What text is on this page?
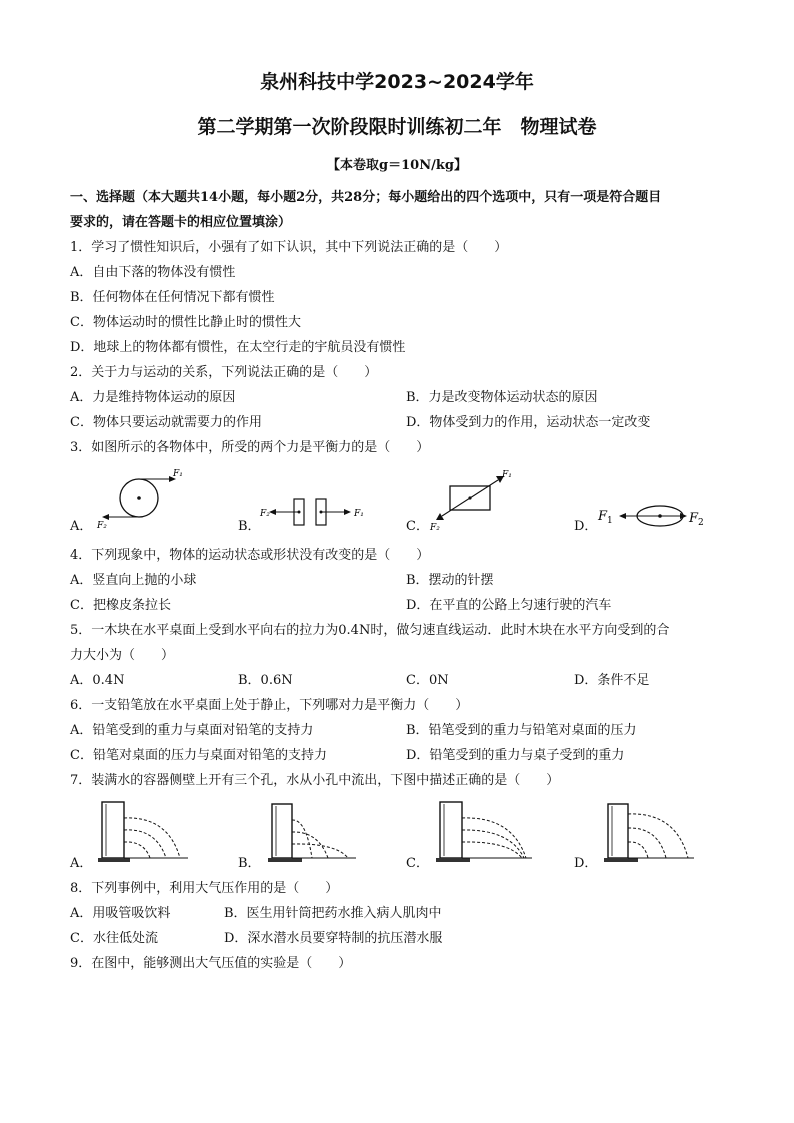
泉州科技中学2023~2024学年
第二学期第一次阶段限时训练初二年　物理试卷
【本卷取g＝10N/kg】
一、选择题（本大题共14小题，每小题2分，共28分；每小题给出的四个选项中，只有一项是符合题目
要求的，请在答题卡的相应位置填涂）
1．学习了惯性知识后，小强有了如下认识，其中下列说法正确的是（　　）
A．自由下落的物体没有惯性
B．任何物体在任何情况下都有惯性
C．物体运动时的惯性比静止时的惯性大
D．地球上的物体都有惯性，在太空行走的宇航员没有惯性
2．关于力与运动的关系，下列说法正确的是（　　）
A．力是维持物体运动的原因	B．力是改变物体运动状态的原因
C．物体只要运动就需要力的作用	D．物体受到力的作用，运动状态一定改变
3．如图所示的各物体中，所受的两个力是平衡力的是（　　）
A．	B．	C．	D．
F₁
F₂
F₂	F₁
F₁
F₂
F 1	F 2
4．下列现象中，物体的运动状态或形状没有改变的是（　　）
A．竖直向上抛的小球	B．摆动的针摆
C．把橡皮条拉长	D．在平直的公路上匀速行驶的汽车
5．一木块在水平桌面上受到水平向右的拉力为0.4N时，做匀速直线运动．此时木块在水平方向受到的合
力大小为（　　）
A．0.4N	B．0.6N	C．0N	D．条件不足
6．一支铅笔放在水平桌面上处于静止，下列哪对力是平衡力（　　）
A．铅笔受到的重力与桌面对铅笔的支持力	B．铅笔受到的重力与铅笔对桌面的压力
C．铅笔对桌面的压力与桌面对铅笔的支持力	D．铅笔受到的重力与桌子受到的重力
7．装满水的容器侧壁上开有三个孔，水从小孔中流出，下图中描述正确的是（　　）
A．	B．	C．	D．
8．下列事例中，利用大气压作用的是（　　）
A．用吸管吸饮料	B．医生用针筒把药水推入病人肌肉中
C．水往低处流	D．深水潜水员要穿特制的抗压潜水服
9．在图中，能够测出大气压值的实验是（　　）
